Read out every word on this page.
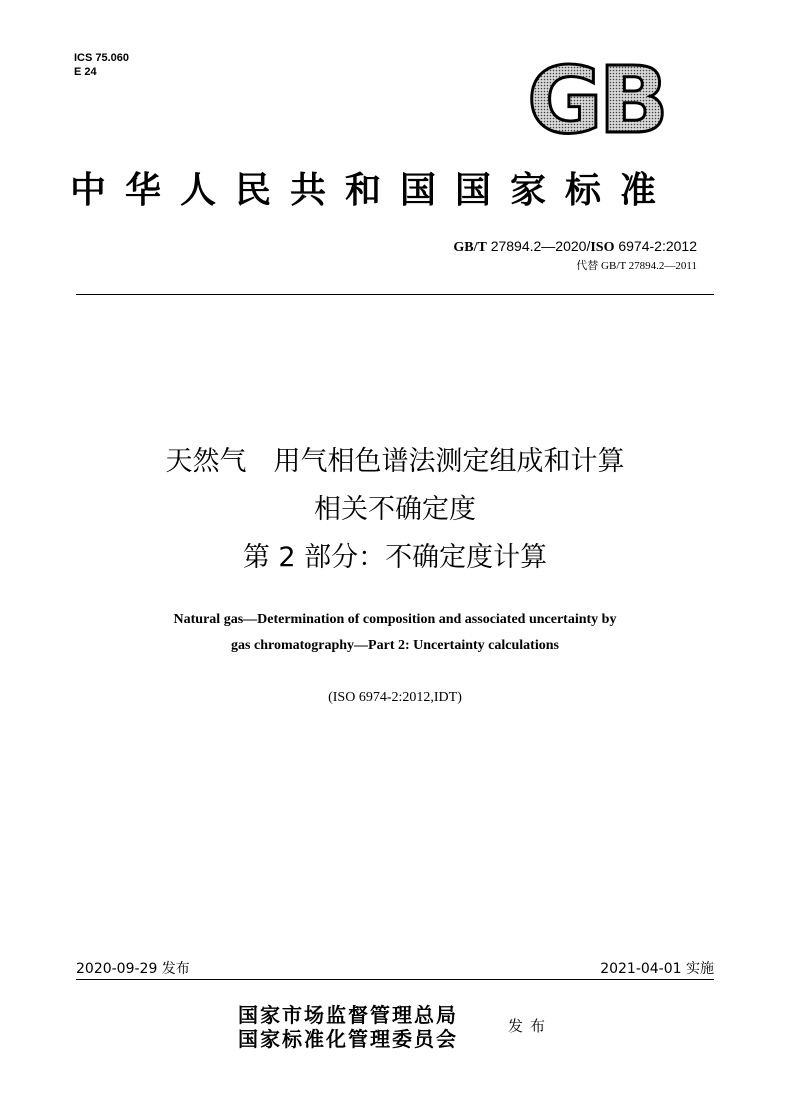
ICS 75.060
E 24	GB
中华人民共和国国家标准
GB/T 27894.2—2020/ISO 6974-2:2012
代替 GB/T 27894.2—2011
天然气　用气相色谱法测定组成和计算
相关不确定度
第 2 部分：不确定度计算
Natural gas—Determination of composition and associated uncertainty by
gas chromatography—Part 2: Uncertainty calculations
(ISO 6974-2:2012,IDT)
2020-09-29 发布	2021-04-01 实施
国家市场监督管理总局
国家标准化管理委员会
发布
